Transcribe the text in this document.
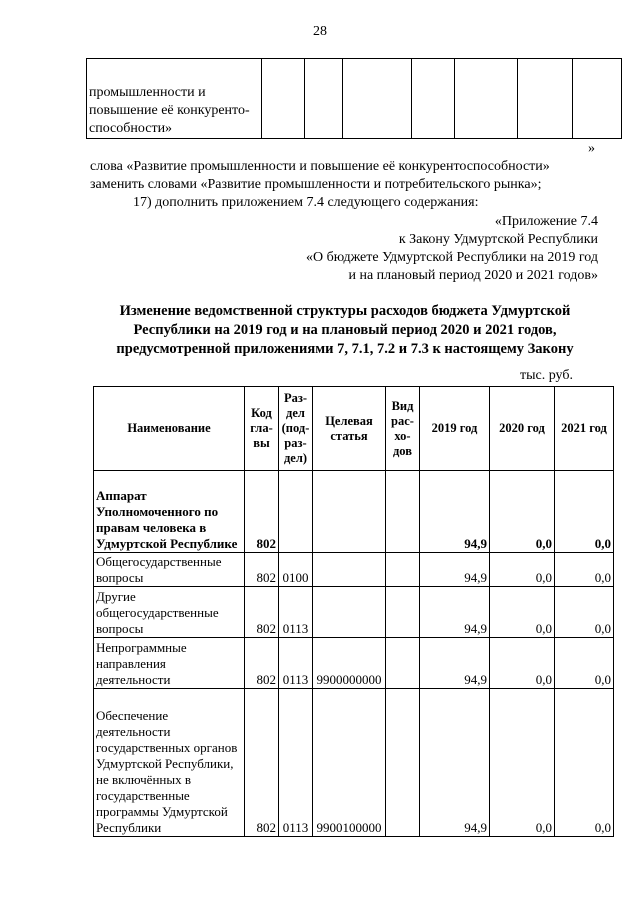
28
промышленности и повышение её конкуренто-способности»							
»
слова «Развитие промышленности и повышение её конкурентоспособности»
заменить словами «Развитие промышленности и потребительского рынка»;
17) дополнить приложением 7.4 следующего содержания:
«Приложение 7.4
к Закону Удмуртской Республики
«О бюджете Удмуртской Республики на 2019 год
и на плановый период 2020 и 2021 годов»
Изменение ведомственной структуры расходов бюджета Удмуртской
Республики на 2019 год и на плановый период 2020 и 2021 годов,
предусмотренной приложениями 7, 7.1, 7.2 и 7.3 к настоящему Закону
тыс. руб.
Наименование	Код гла-вы	Раз-дел (под-раз-дел)	Целевая статья	Вид рас-хо-дов	2019 год	2020 год	2021 год
Аппарат Уполномоченного по правам человека в Удмуртской Республике	802				94,9	0,0	0,0
Общегосударственные вопросы	802	0100			94,9	0,0	0,0
Другие общегосударственные вопросы	802	0113			94,9	0,0	0,0
Непрограммные направления деятельности	802	0113	9900000000		94,9	0,0	0,0
Обеспечение деятельности государственных органов Удмуртской Республики, не включённых в государственные программы Удмуртской Республики	802	0113	9900100000		94,9	0,0	0,0
